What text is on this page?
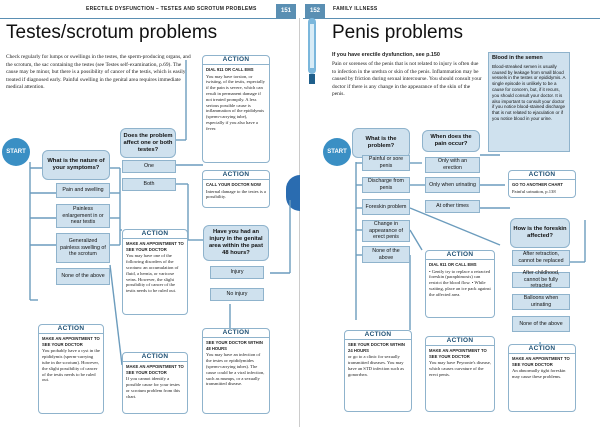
ERECTILE DYSFUNCTION – TESTES AND SCROTUM PROBLEMS	151	152	FAMILY ILLNESS
Testes/scrotum problems
Check regularly for lumps or swellings in the testes, the sperm-producing organs, and the scrotum, the sac containing the testes (see Testes self-examination, p.69). The cause may be minor, but there is a possibility of cancer of the testis, which is easily treated if diagnosed early. Painful swelling in the genital area requires immediate medical attention.
START
What is the nature of your symptoms?
Pain and swelling
Painless enlargement in or near testis
Generalized painless swelling of the scrotum
None of the above
Does the problem affect one or both testes?
One
Both
Have you had an injury in the genital area within the past 48 hours?
Injury
No injury
ACTION
DIAL 911 OR CALL EMS
You may have torsion, or twisting, of the testis, especially if the pain is severe, which can result in permanent damage if not treated promptly. A less serious possible cause is inflammation of the epididymis (sperm-carrying tube), especially if you also have a fever.
ACTION
CALL YOUR DOCTOR NOW
Internal damage to the testes is a possibility.
ACTION
MAKE AN APPOINTMENT TO SEE YOUR DOCTOR
You may have one of the following disorders of the scrotum: an accumulation of fluid, a hernia, or varicose veins. However, the slight possibility of cancer of the testis needs to be ruled out.
ACTION
MAKE AN APPOINTMENT TO SEE YOUR DOCTOR
If you cannot identify a possible cause for your testes or scrotum problem from this chart.
ACTION
MAKE AN APPOINTMENT TO SEE YOUR DOCTOR
You probably have a cyst in the epididymis (sperm-carrying tube in the scrotum). However, the slight possibility of cancer of the testis needs to be ruled out.
ACTION
SEE YOUR DOCTOR WITHIN 48 HOURS
You may have an infection of the testes or epididymides (sperm-carrying tubes). The cause could be a viral infection, such as mumps, or a sexually transmitted disease.
Penis problems
If you have erectile dysfunction, see p.150
Pain or soreness of the penis that is not related to injury is often due to infection in the urethra or skin of the penis. Inflammation may be caused by friction during sexual intercourse. You should consult your doctor if there is any change in the appearance of the skin of the penis.
Blood in the semen
Blood-streaked semen is usually caused by leakage from small blood vessels in the testes or epididymis. A single episode is unlikely to be a cause for concern, but, if it recurs, you should consult your doctor. It is also important to consult your doctor if you notice blood-stained discharge that is not related to ejaculation or if you notice blood in your urine.
START
What is the problem?
Painful or sore penis
Discharge from penis
Foreskin problem
Change in appearance of erect penis
None of the above
When does the pain occur?
Only with an erection
Only when urinating
At other times
ACTION
GO TO ANOTHER CHART
Painful urination, p.138
How is the foreskin affected?
After retraction, cannot be replaced
After childhood, cannot be fully retracted
Balloons when urinating
None of the above
ACTION
DIAL 911 OR CALL EMS
• Gently try to replace a retracted foreskin (paraphimosis) can restrict the blood flow. • While waiting, place an ice pack against the affected area.
ACTION
SEE YOUR DOCTOR WITHIN 24 HOURS
or go to a clinic for sexually transmitted diseases. You may have an STD infection such as gonorrhea.
ACTION
MAKE AN APPOINTMENT TO SEE YOUR DOCTOR
You may have Peyronie's disease, which causes curvature of the erect penis.
ACTION
MAKE AN APPOINTMENT TO SEE YOUR DOCTOR
An abnormally tight foreskin may cause these problems.
